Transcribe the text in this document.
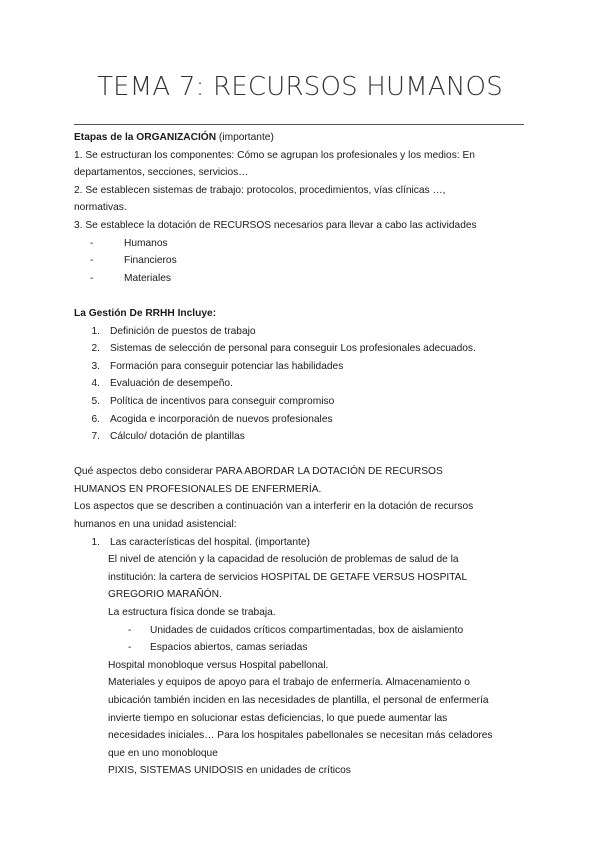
TEMA 7: RECURSOS HUMANOS

Etapas de la ORGANIZACIÓN (importante)

1. Se estructuran los componentes: Cómo se agrupan los profesionales y los medios: En

departamentos, secciones, servicios…

2. Se establecen sistemas de trabajo: protocolos, procedimientos, vías clínicas …,

normativas.

3. Se establece la dotación de RECURSOS necesarios para llevar a cabo las actividades

-	Humanos
-	Financieros
-	Materiales

La Gestión De RRHH Incluye:

1. Definición de puestos de trabajo
2. Sistemas de selección de personal para conseguir Los profesionales adecuados.
3. Formación para conseguir potenciar las habilidades
4. Evaluación de desempeño.
5. Política de incentivos para conseguir compromiso
6. Acogida e incorporación de nuevos profesionales
7. Cálculo/ dotación de plantillas

Qué aspectos debo considerar PARA ABORDAR LA DOTACIÓN DE RECURSOS

HUMANOS EN PROFESIONALES DE ENFERMERÍA.

Los aspectos que se describen a continuación van a interferir en la dotación de recursos

humanos en una unidad asistencial:

1. Las características del hospital. (importante)

El nivel de atención y la capacidad de resolución de problemas de salud de la

institución: la cartera de servicios HOSPITAL DE GETAFE VERSUS HOSPITAL

GREGORIO MARAÑÓN.

La estructura física donde se trabaja.

-	Unidades de cuidados críticos compartimentadas, box de aislamiento
-	Espacios abiertos, camas seriadas

Hospital monobloque versus Hospital pabellonal.

Materiales y equipos de apoyo para el trabajo de enfermería. Almacenamiento o

ubicación también inciden en las necesidades de plantilla, el personal de enfermería

invierte tiempo en solucionar estas deficiencias, lo que puede aumentar las

necesidades iniciales… Para los hospitales pabellonales se necesitan más celadores

que en uno monobloque

PIXIS, SISTEMAS UNIDOSIS en unidades de críticos
